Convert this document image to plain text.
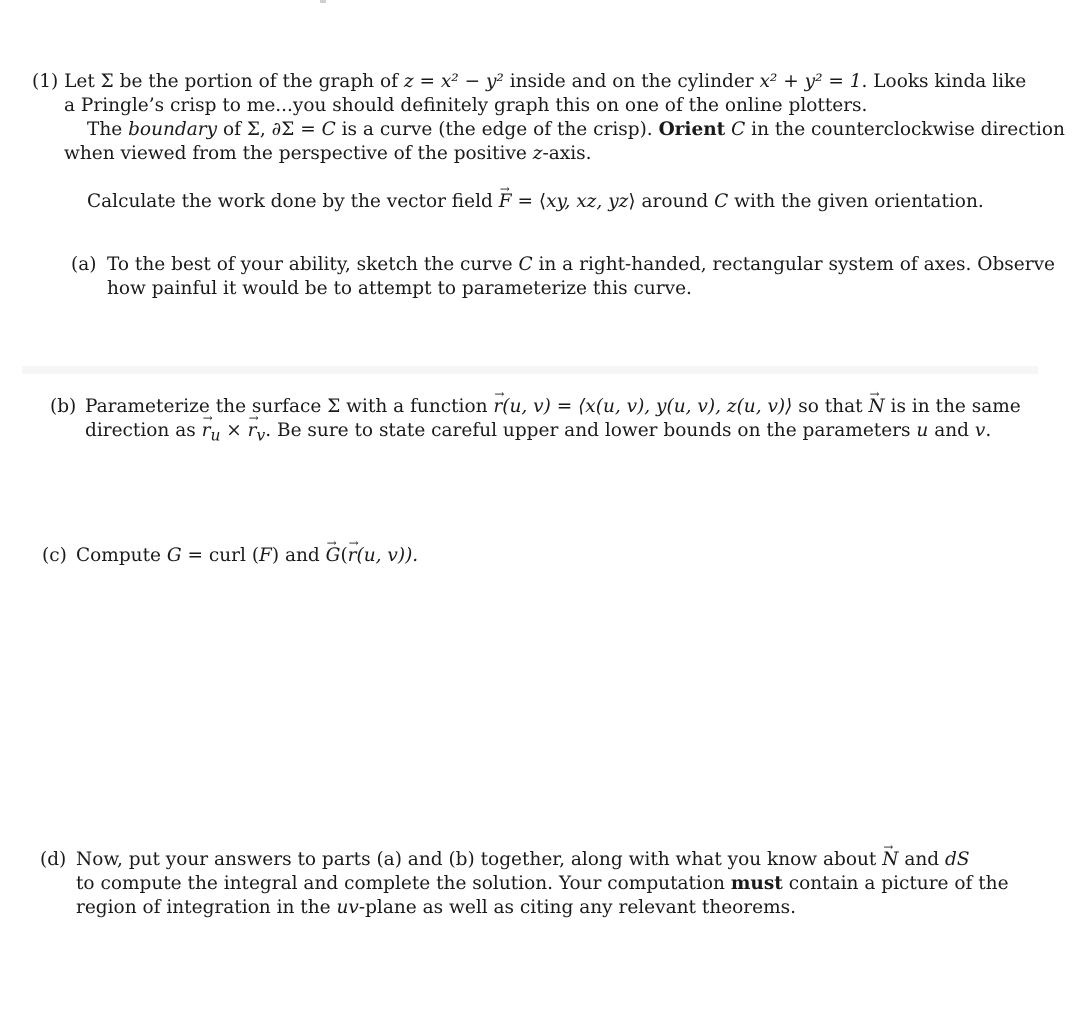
(1) Let Σ be the portion of the graph of z = x² − y² inside and on the cylinder x² + y² = 1. Looks kinda like
a Pringle’s crisp to me...you should definitely graph this on one of the online plotters.
The boundary of Σ, ∂Σ = C is a curve (the edge of the crisp). Orient C in the counterclockwise direction
when viewed from the perspective of the positive z-axis.
Calculate the work done by the vector field → F = ⟨xy, xz, yz⟩ around C with the given orientation.
(a) To the best of your ability, sketch the curve C in a right-handed, rectangular system of axes. Observe
how painful it would be to attempt to parameterize this curve.
(b) Parameterize the surface Σ with a function → r(u, v) = ⟨x(u, v), y(u, v), z(u, v)⟩ so that → N is in the same
direction as → $r_u$ × → $r_v$. Be sure to state careful upper and lower bounds on the parameters u and v.
(c) Compute G = curl (F) and → G(→ r(u, v)).
(d) Now, put your answers to parts (a) and (b) together, along with what you know about → N and dS
to compute the integral and complete the solution. Your computation must contain a picture of the
region of integration in the uv-plane as well as citing any relevant theorems.
